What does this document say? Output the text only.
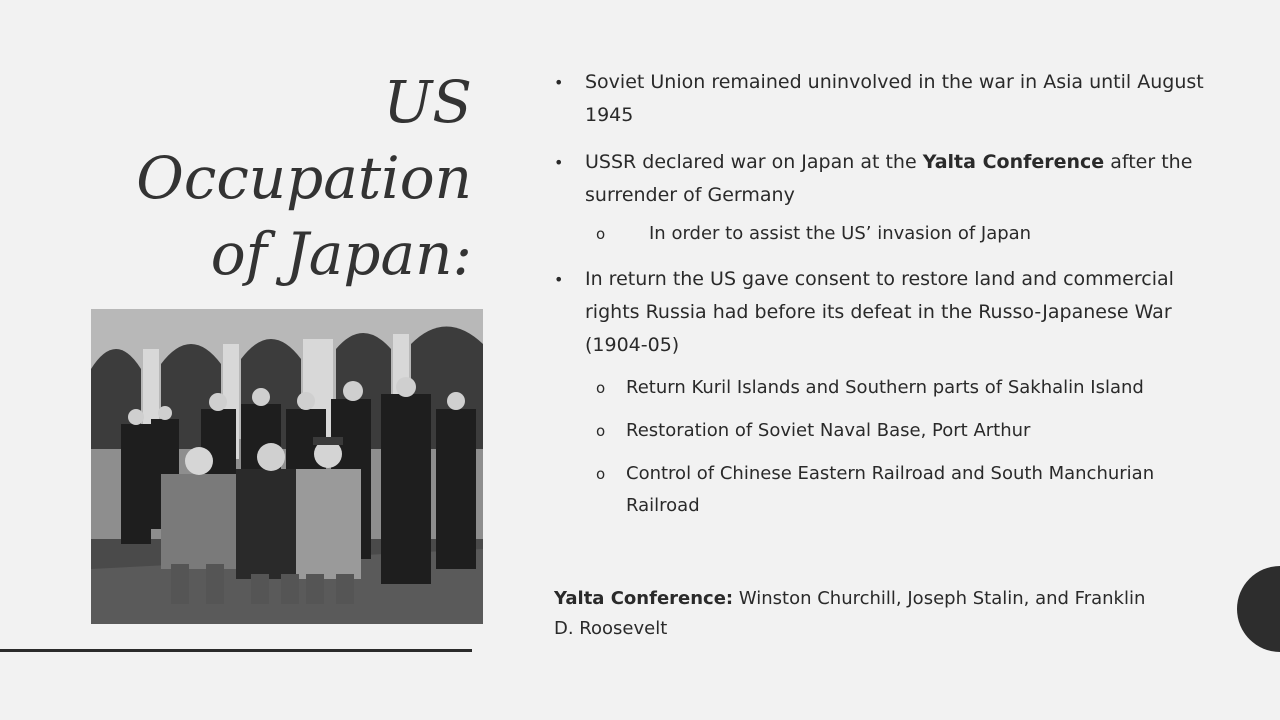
US
Occupation
of Japan:
•	Soviet Union remained uninvolved in the war in Asia until August 1945
•	USSR declared war on Japan at the Yalta Conference after the surrender of Germany
o In order to assist the US’ invasion of Japan
•	In return the US gave consent to restore land and commercial rights Russia had before its defeat in the Russo-Japanese War (1904-05)
o Return Kuril Islands and Southern parts of Sakhalin Island
o Restoration of Soviet Naval Base, Port Arthur
o Control of Chinese Eastern Railroad and South Manchurian Railroad
Yalta Conference: Winston Churchill, Joseph Stalin, and Franklin D. Roosevelt
